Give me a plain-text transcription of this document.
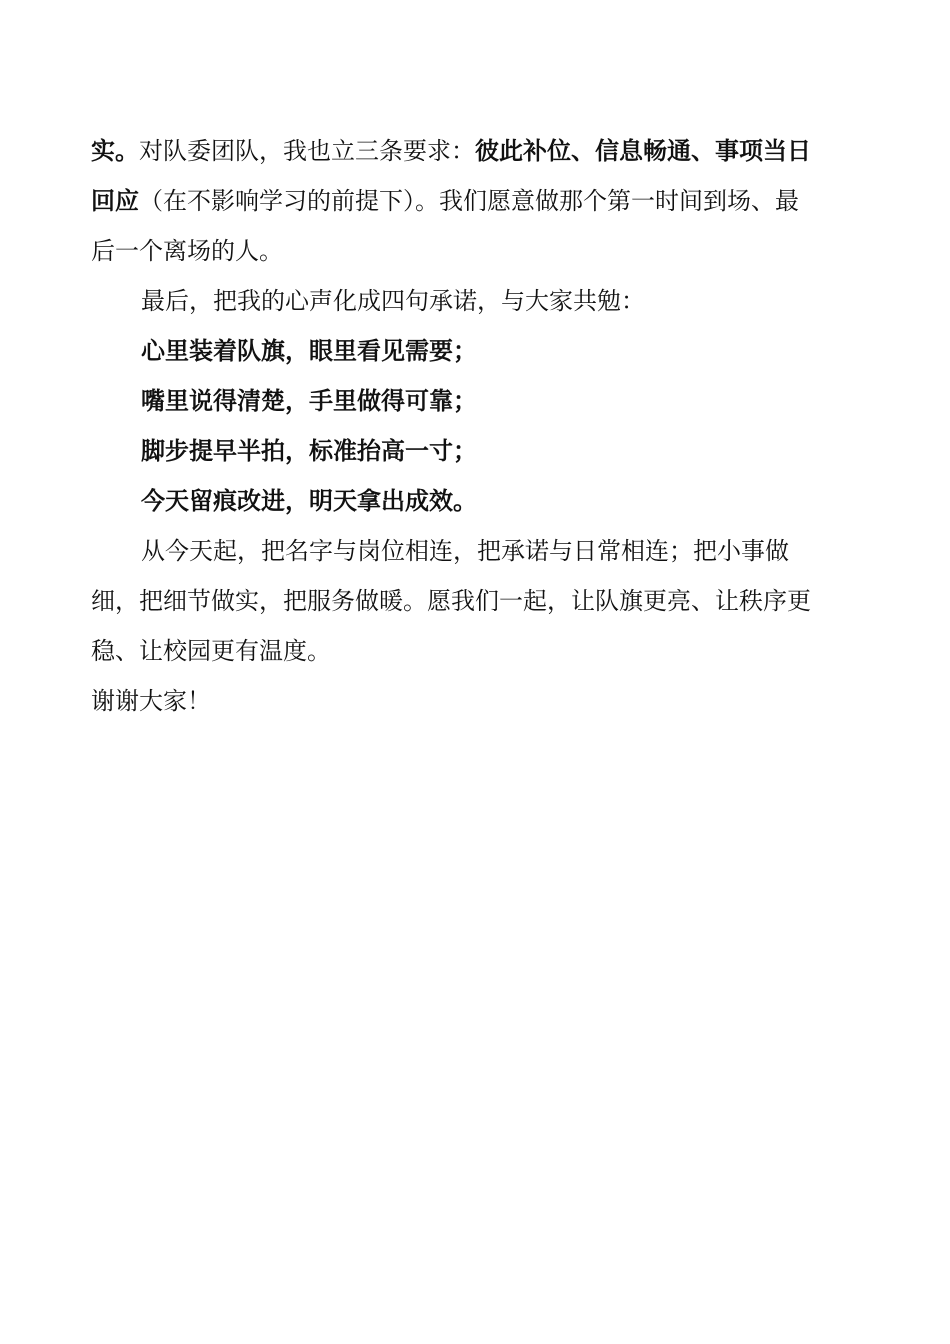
实。对队委团队，我也立三条要求：彼此补位、信息畅通、事项当日
回应（在不影响学习的前提下）。我们愿意做那个第一时间到场、最
后一个离场的人。

最后，把我的心声化成四句承诺，与大家共勉：

心里装着队旗，眼里看见需要；

嘴里说得清楚，手里做得可靠；

脚步提早半拍，标准抬高一寸；

今天留痕改进，明天拿出成效。

从今天起，把名字与岗位相连，把承诺与日常相连；把小事做
细，把细节做实，把服务做暖。愿我们一起，让队旗更亮、让秩序更
稳、让校园更有温度。

谢谢大家！
